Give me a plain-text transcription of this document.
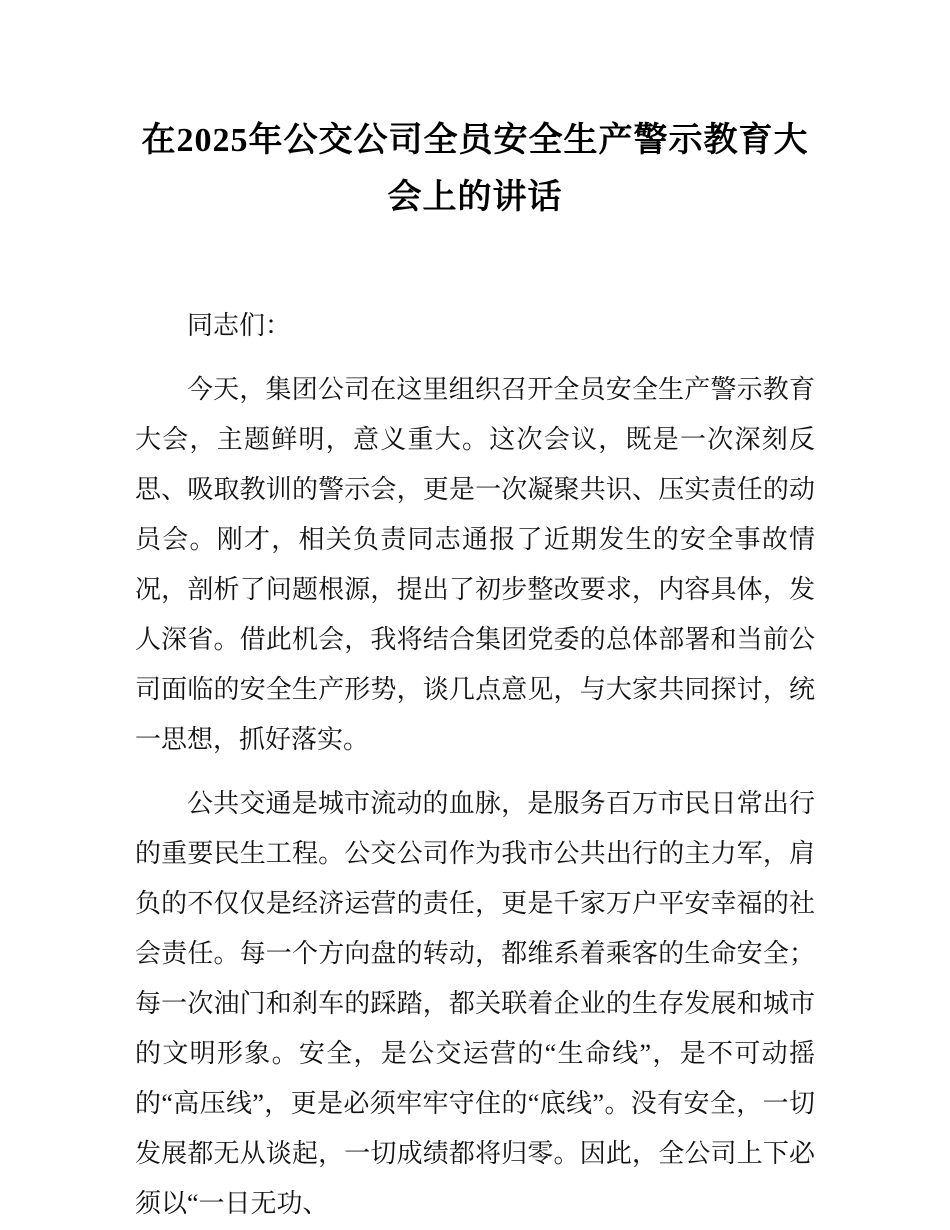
在2025年公交公司全员安全生产警示教育大
会上的讲话

同志们：

今天，集团公司在这里组织召开全员安全生产警示教育大会，主题鲜明，意义重大。这次会议，既是一次深刻反思、吸取教训的警示会，更是一次凝聚共识、压实责任的动员会。刚才，相关负责同志通报了近期发生的安全事故情况，剖析了问题根源，提出了初步整改要求，内容具体，发人深省。借此机会，我将结合集团党委的总体部署和当前公司面临的安全生产形势，谈几点意见，与大家共同探讨，统一思想，抓好落实。

公共交通是城市流动的血脉，是服务百万市民日常出行的重要民生工程。公交公司作为我市公共出行的主力军，肩负的不仅仅是经济运营的责任，更是千家万户平安幸福的社会责任。每一个方向盘的转动，都维系着乘客的生命安全；每一次油门和刹车的踩踏，都关联着企业的生存发展和城市的文明形象。安全，是公交运营的“生命线”，是不可动摇的“高压线”，更是必须牢牢守住的“底线”。没有安全，一切发展都无从谈起，一切成绩都将归零。因此，全公司上下必须以“一日无功、
